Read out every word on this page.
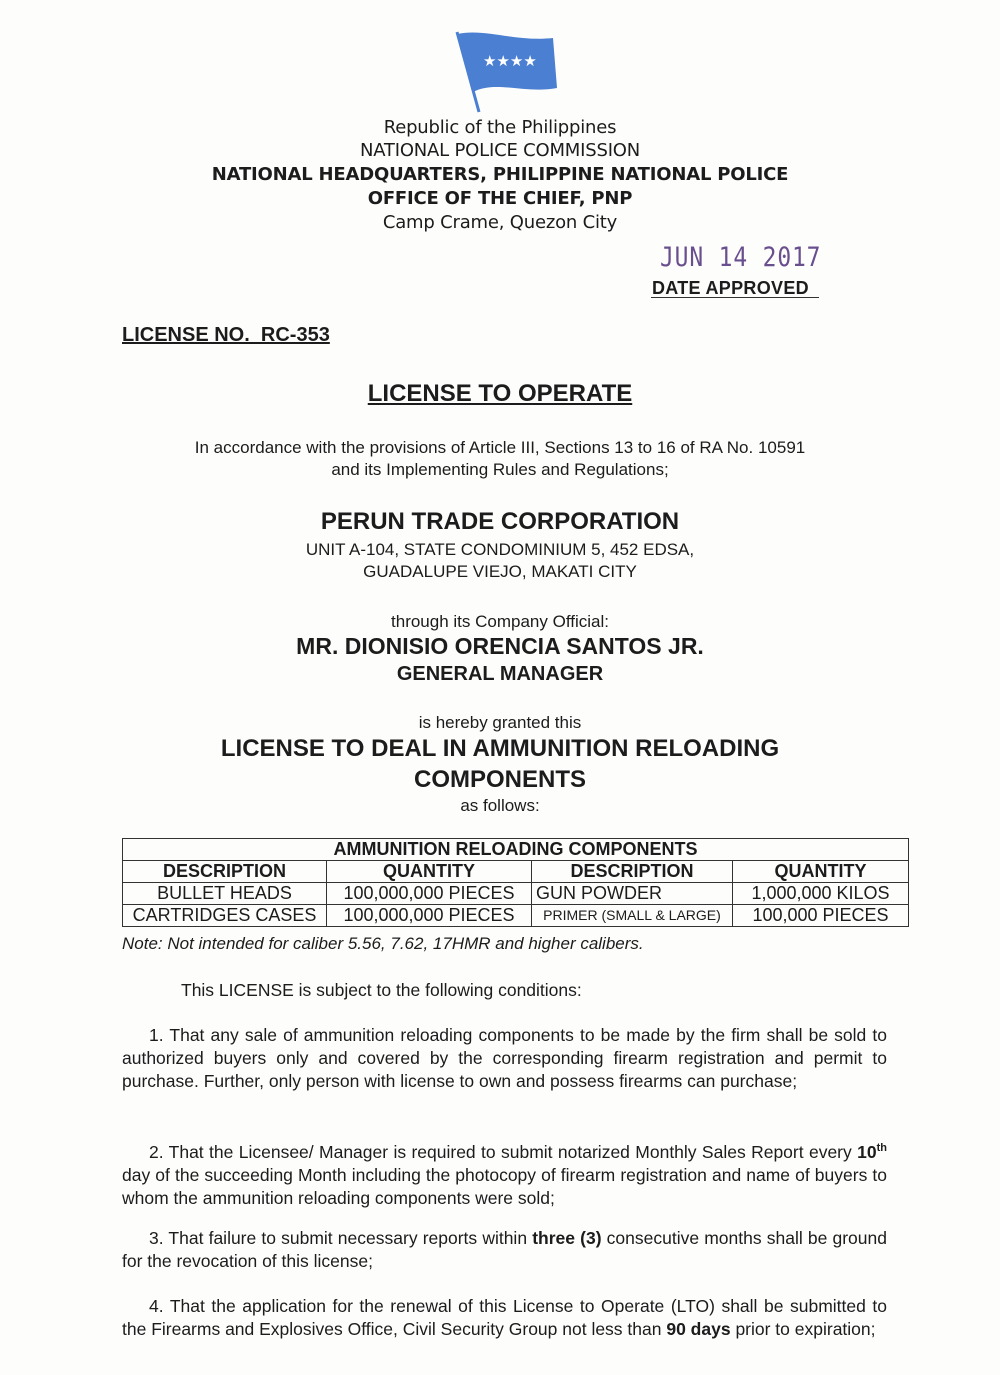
★★★★
Republic of the Philippines
NATIONAL POLICE COMMISSION
NATIONAL HEADQUARTERS, PHILIPPINE NATIONAL POLICE
OFFICE OF THE CHIEF, PNP
Camp Crame, Quezon City
JUN 14 2017
DATE APPROVED
LICENSE NO.  RC-353
LICENSE TO OPERATE
In accordance with the provisions of Article III, Sections 13 to 16 of RA No. 10591
and its Implementing Rules and Regulations;
PERUN TRADE CORPORATION
UNIT A-104, STATE CONDOMINIUM 5, 452 EDSA,
GUADALUPE VIEJO, MAKATI CITY
through its Company Official:
MR. DIONISIO ORENCIA SANTOS JR.
GENERAL MANAGER
is hereby granted this
LICENSE TO DEAL IN AMMUNITION RELOADING
COMPONENTS
as follows:
AMMUNITION RELOADING COMPONENTS			
DESCRIPTION	QUANTITY	DESCRIPTION	QUANTITY
BULLET HEADS	100,000,000 PIECES	GUN POWDER	1,000,000 KILOS
CARTRIDGES CASES	100,000,000 PIECES	PRIMER (SMALL & LARGE)	100,000 PIECES
Note: Not intended for caliber 5.56, 7.62, 17HMR and higher calibers.
This LICENSE is subject to the following conditions:
1. That any sale of ammunition reloading components to be made by the firm shall be sold to authorized buyers only and covered by the corresponding firearm registration and permit to purchase. Further, only person with license to own and possess firearms can purchase;
2. That the Licensee/ Manager is required to submit notarized Monthly Sales Report every 10th day of the succeeding Month including the photocopy of firearm registration and name of buyers to whom the ammunition reloading components were sold;
3. That failure to submit necessary reports within three (3) consecutive months shall be ground for the revocation of this license;
4. That the application for the renewal of this License to Operate (LTO) shall be submitted to the Firearms and Explosives Office, Civil Security Group not less than 90 days prior to expiration;
